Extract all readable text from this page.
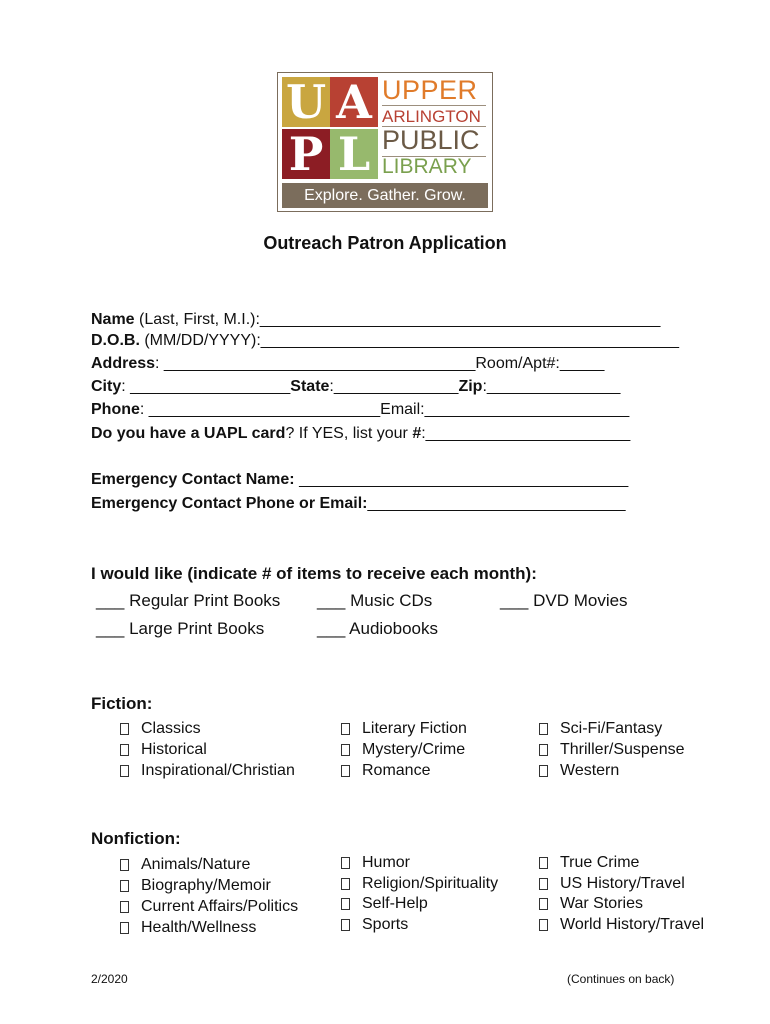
U A
P L
UPPER
ARLINGTON
PUBLIC
LIBRARY
Explore. Gather. Grow.
Outreach Patron Application
Name (Last, First, M.I.):_____________________________________________
D.O.B. (MM/DD/YYYY):_______________________________________________
Address: ___________________________________Room/Apt#:_____
City: __________________State:______________Zip:_______________
Phone: __________________________Email:_______________________
Do you have a UAPL card? If YES, list your #:_______________________
Emergency Contact Name: _____________________________________
Emergency Contact Phone or Email:_____________________________
I would like (indicate # of items to receive each month):
___ Regular Print Books ___ Music CDs	___ DVD Movies
___ Large Print Books	___ Audiobooks
Fiction:
Classics
Historical
Inspirational/Christian
Literary Fiction
Mystery/Crime
Romance
Sci-Fi/Fantasy
Thriller/Suspense
Western
Nonfiction:
Animals/Nature
Biography/Memoir
Current Affairs/Politics
Health/Wellness
Humor
Religion/Spirituality
Self-Help
Sports
True Crime
US History/Travel
War Stories
World History/Travel
2/2020	(Continues on back)
